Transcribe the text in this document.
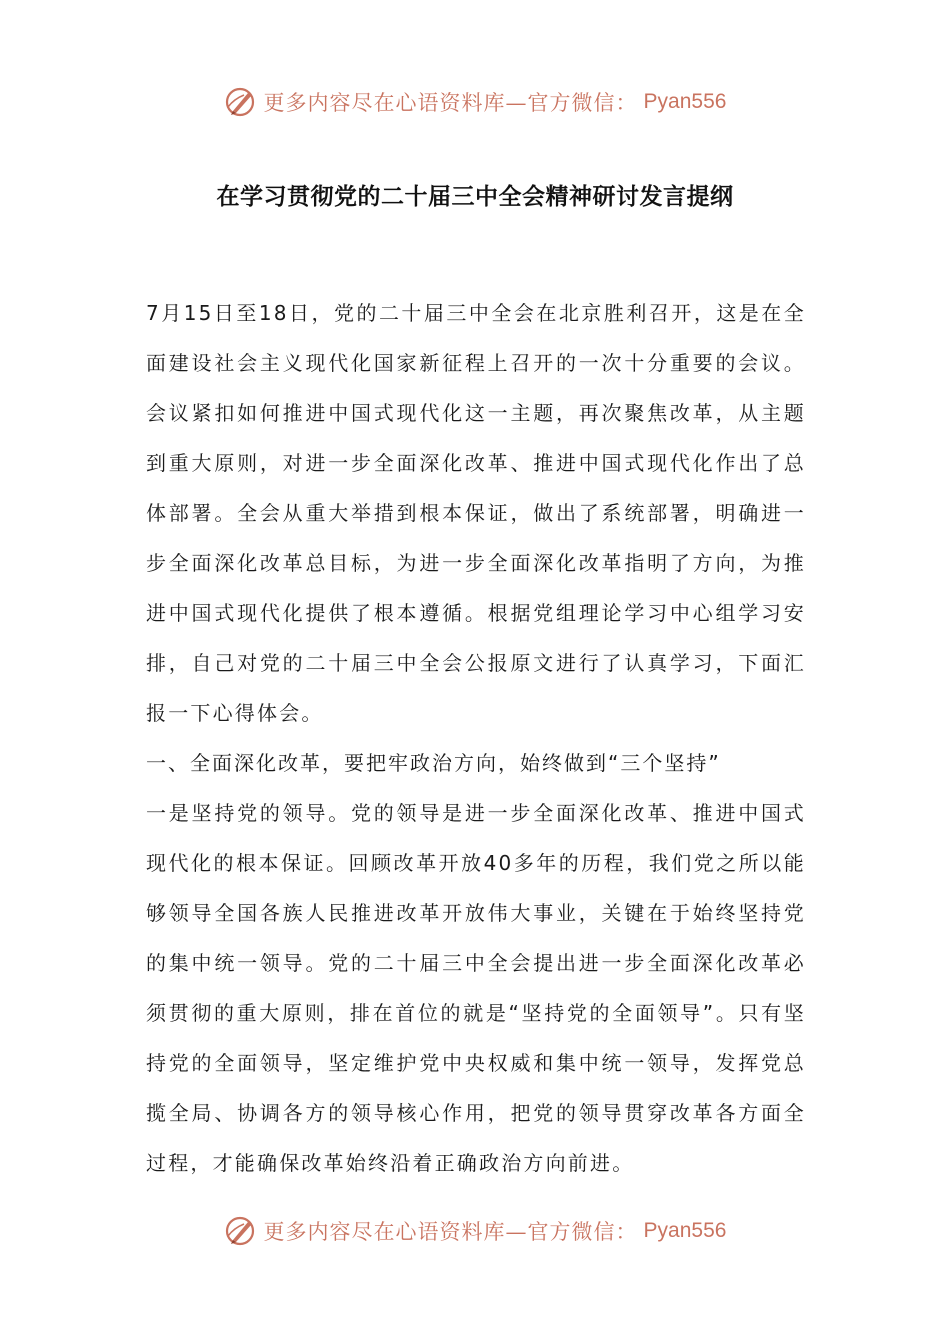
更多内容尽在心语资料库—官方微信： Pyan556
在学习贯彻党的二十届三中全会精神研讨发言提纲

7月15日至18日，党的二十届三中全会在北京胜利召开，这是在全面建设社会主义现代化国家新征程上召开的一次十分重要的会议。会议紧扣如何推进中国式现代化这一主题，再次聚焦改革，从主题到重大原则，对进一步全面深化改革、推进中国式现代化作出了总体部署。全会从重大举措到根本保证，做出了系统部署，明确进一步全面深化改革总目标，为进一步全面深化改革指明了方向，为推进中国式现代化提供了根本遵循。根据党组理论学习中心组学习安排，自己对党的二十届三中全会公报原文进行了认真学习，下面汇报一下心得体会。

一、全面深化改革，要把牢政治方向，始终做到“三个坚持”

一是坚持党的领导。党的领导是进一步全面深化改革、推进中国式现代化的根本保证。回顾改革开放40多年的历程，我们党之所以能够领导全国各族人民推进改革开放伟大事业，关键在于始终坚持党的集中统一领导。党的二十届三中全会提出进一步全面深化改革必须贯彻的重大原则，排在首位的就是“坚持党的全面领导”。只有坚持党的全面领导，坚定维护党中央权威和集中统一领导，发挥党总揽全局、协调各方的领导核心作用，把党的领导贯穿改革各方面全过程，才能确保改革始终沿着正确政治方向前进。

更多内容尽在心语资料库—官方微信： Pyan556
